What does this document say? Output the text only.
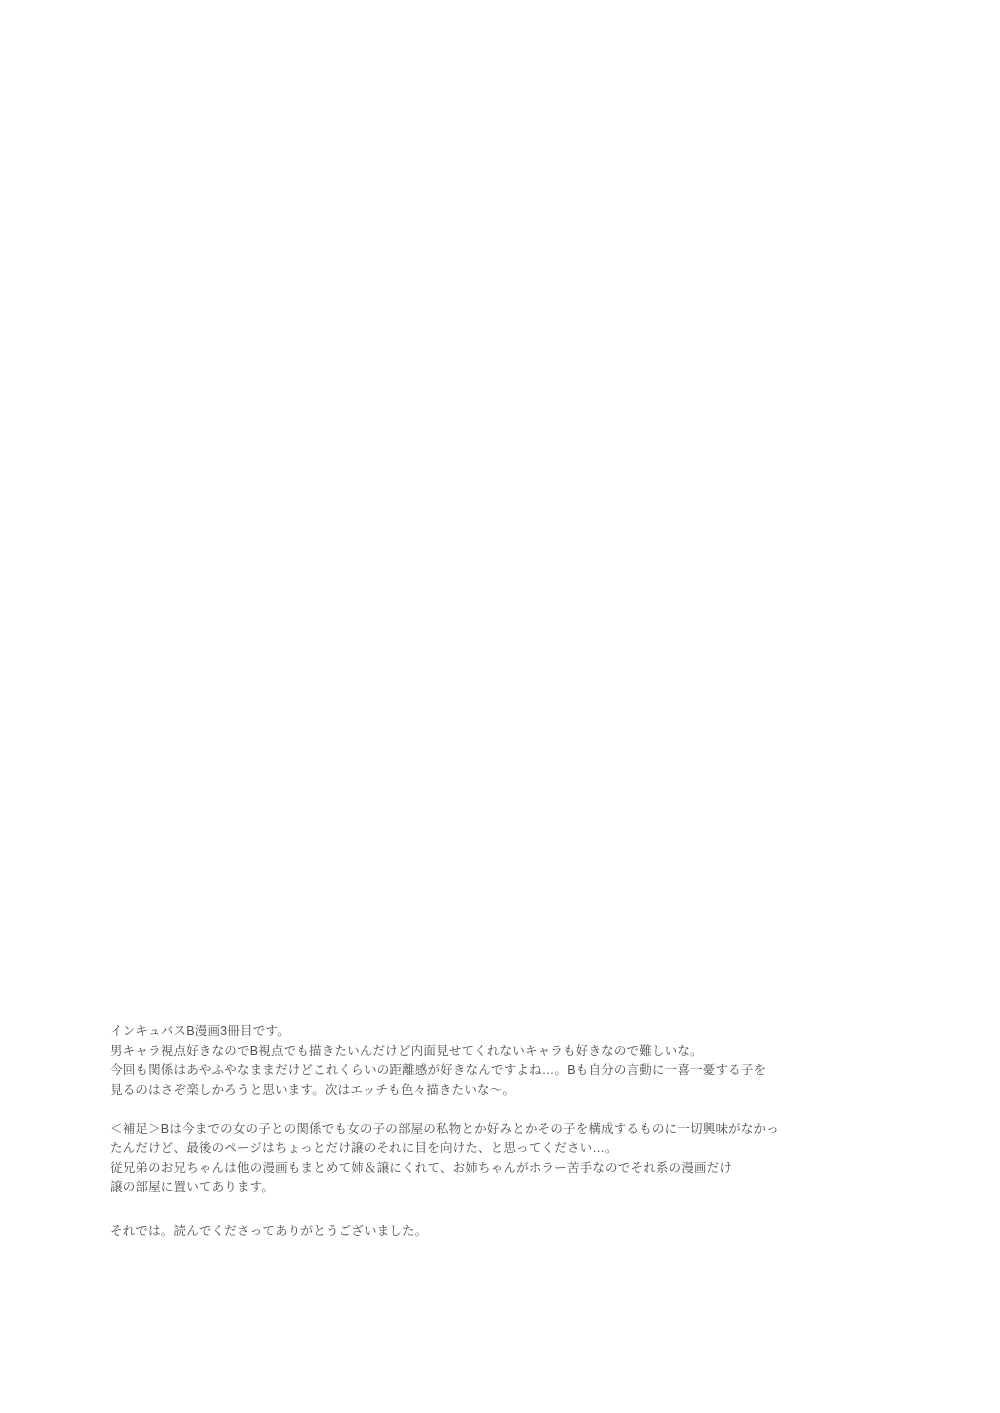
インキュバスB漫画3冊目です。
男キャラ視点好きなのでB視点でも描きたいんだけど内面見せてくれないキャラも好きなので難しいな。
今回も関係はあやふやなままだけどこれくらいの距離感が好きなんですよね…。Bも自分の言動に一喜一憂する子を
見るのはさぞ楽しかろうと思います。次はエッチも色々描きたいな～。
＜補足＞Bは今までの女の子との関係でも女の子の部屋の私物とか好みとかその子を構成するものに一切興味がなかっ
たんだけど、最後のページはちょっとだけ譲のそれに目を向けた、と思ってください…。
従兄弟のお兄ちゃんは他の漫画もまとめて姉＆譲にくれて、お姉ちゃんがホラー苦手なのでそれ系の漫画だけ
譲の部屋に置いてあります。
それでは。読んでくださってありがとうございました。
